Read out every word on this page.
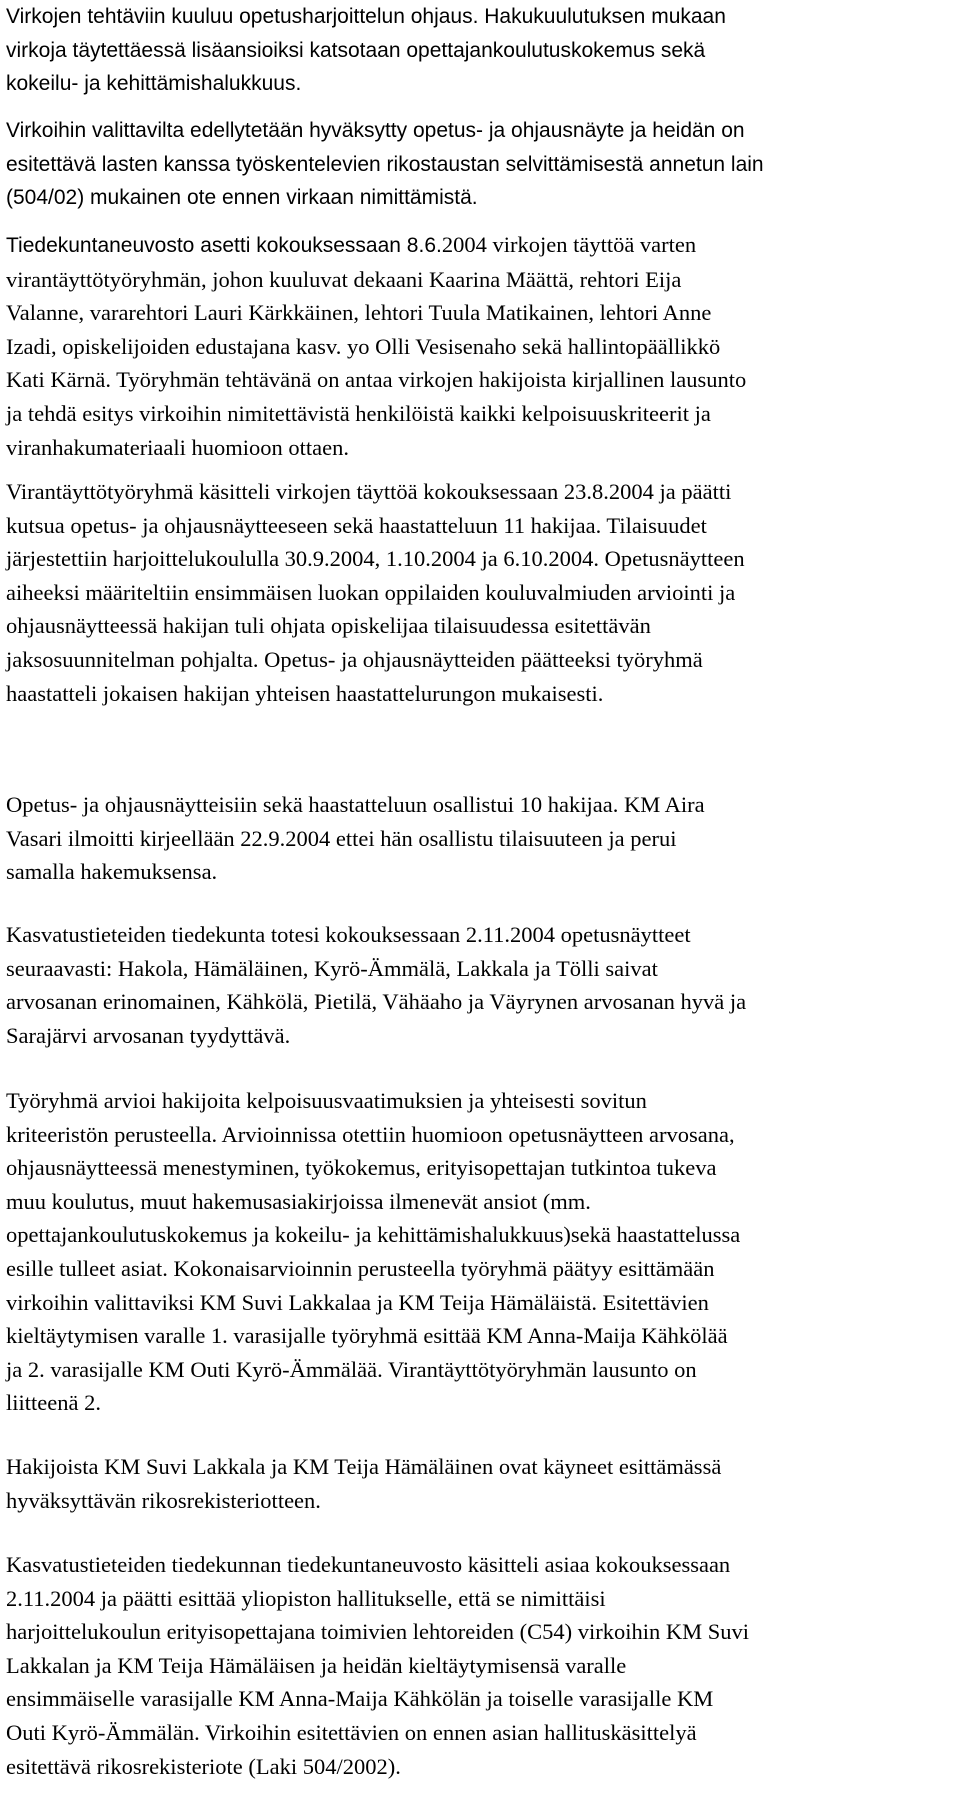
Virkojen tehtäviin kuuluu opetusharjoittelun ohjaus. Hakukuulutuksen mukaan
virkoja täytettäessä lisäansioiksi katsotaan opettajankoulutuskokemus sekä
kokeilu- ja kehittämishalukkuus.

Virkoihin valittavilta edellytetään hyväksytty opetus- ja ohjausnäyte ja heidän on
esitettävä lasten kanssa työskentelevien rikostaustan selvittämisestä annetun lain
(504/02) mukainen ote ennen virkaan nimittämistä.

Tiedekuntaneuvosto asetti kokouksessaan 8.6.2004 virkojen täyttöä varten
virantäyttötyöryhmän, johon kuuluvat dekaani Kaarina Määttä, rehtori Eija
Valanne, vararehtori Lauri Kärkkäinen, lehtori Tuula Matikainen, lehtori Anne
Izadi, opiskelijoiden edustajana kasv. yo Olli Vesisenaho sekä hallintopäällikkö
Kati Kärnä. Työryhmän tehtävänä on antaa virkojen hakijoista kirjallinen lausunto
ja tehdä esitys virkoihin nimitettävistä henkilöistä kaikki kelpoisuuskriteerit ja
viranhakumateriaali huomioon ottaen.

Virantäyttötyöryhmä käsitteli virkojen täyttöä kokouksessaan 23.8.2004 ja päätti
kutsua opetus- ja ohjausnäytteeseen sekä haastatteluun 11 hakijaa. Tilaisuudet
järjestettiin harjoittelukoululla 30.9.2004, 1.10.2004 ja 6.10.2004. Opetusnäytteen
aiheeksi määriteltiin ensimmäisen luokan oppilaiden kouluvalmiuden arviointi ja
ohjausnäytteessä hakijan tuli ohjata opiskelijaa tilaisuudessa esitettävän
jaksosuunnitelman pohjalta. Opetus- ja ohjausnäytteiden päätteeksi työryhmä
haastatteli jokaisen hakijan yhteisen haastattelurungon mukaisesti.

Opetus- ja ohjausnäytteisiin sekä haastatteluun osallistui 10 hakijaa. KM Aira
Vasari ilmoitti kirjeellään 22.9.2004 ettei hän osallistu tilaisuuteen ja perui
samalla hakemuksensa.

Kasvatustieteiden tiedekunta totesi kokouksessaan 2.11.2004 opetusnäytteet
seuraavasti: Hakola, Hämäläinen, Kyrö-Ämmälä, Lakkala ja Tölli saivat
arvosanan erinomainen, Kähkölä, Pietilä, Vähäaho ja Väyrynen arvosanan hyvä ja
Sarajärvi arvosanan tyydyttävä.

Työryhmä arvioi hakijoita kelpoisuusvaatimuksien ja yhteisesti sovitun
kriteeristön perusteella. Arvioinnissa otettiin huomioon opetusnäytteen arvosana,
ohjausnäytteessä menestyminen, työkokemus, erityisopettajan tutkintoa tukeva
muu koulutus, muut hakemusasiakirjoissa ilmenevät ansiot (mm.
opettajankoulutuskokemus ja kokeilu- ja kehittämishalukkuus)sekä haastattelussa
esille tulleet asiat. Kokonaisarvioinnin perusteella työryhmä päätyy esittämään
virkoihin valittaviksi KM Suvi Lakkalaa ja KM Teija Hämäläistä. Esitettävien
kieltäytymisen varalle 1. varasijalle työryhmä esittää KM Anna-Maija Kähkölää
ja 2. varasijalle KM Outi Kyrö-Ämmälää. Virantäyttötyöryhmän lausunto on
liitteenä 2.

Hakijoista KM Suvi Lakkala ja KM Teija Hämäläinen ovat käyneet esittämässä
hyväksyttävän rikosrekisteriotteen.

Kasvatustieteiden tiedekunnan tiedekuntaneuvosto käsitteli asiaa kokouksessaan
2.11.2004 ja päätti esittää yliopiston hallitukselle, että se nimittäisi
harjoittelukoulun erityisopettajana toimivien lehtoreiden (C54) virkoihin KM Suvi
Lakkalan ja KM Teija Hämäläisen ja heidän kieltäytymisensä varalle
ensimmäiselle varasijalle KM Anna-Maija Kähkölän ja toiselle varasijalle KM
Outi Kyrö-Ämmälän. Virkoihin esitettävien on ennen asian hallituskäsittelyä
esitettävä rikosrekisteriote (Laki 504/2002).
